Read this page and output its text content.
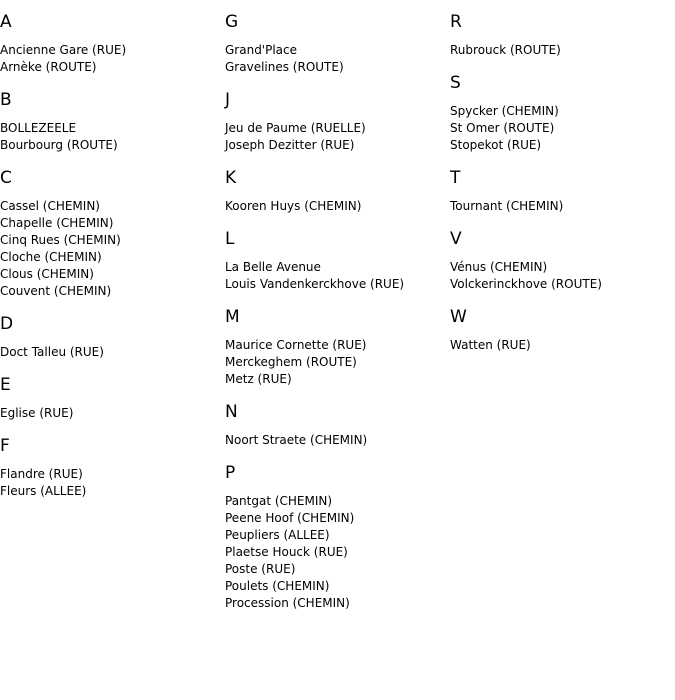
A
Ancienne Gare (RUE)
Arnèke (ROUTE)
B
BOLLEZEELE
Bourbourg (ROUTE)
C
Cassel (CHEMIN)
Chapelle (CHEMIN)
Cinq Rues (CHEMIN)
Cloche (CHEMIN)
Clous (CHEMIN)
Couvent (CHEMIN)
D
Doct Talleu (RUE)
E
Eglise (RUE)
F
Flandre (RUE)
Fleurs (ALLEE)
G
Grand'Place
Gravelines (ROUTE)
J
Jeu de Paume (RUELLE)
Joseph Dezitter (RUE)
K
Kooren Huys (CHEMIN)
L
La Belle Avenue
Louis Vandenkerckhove (RUE)
M
Maurice Cornette (RUE)
Merckeghem (ROUTE)
Metz (RUE)
N
Noort Straete (CHEMIN)
P
Pantgat (CHEMIN)
Peene Hoof (CHEMIN)
Peupliers (ALLEE)
Plaetse Houck (RUE)
Poste (RUE)
Poulets (CHEMIN)
Procession (CHEMIN)
R
Rubrouck (ROUTE)
S
Spycker (CHEMIN)
St Omer (ROUTE)
Stopekot (RUE)
T
Tournant (CHEMIN)
V
Vénus (CHEMIN)
Volckerinckhove (ROUTE)
W
Watten (RUE)
